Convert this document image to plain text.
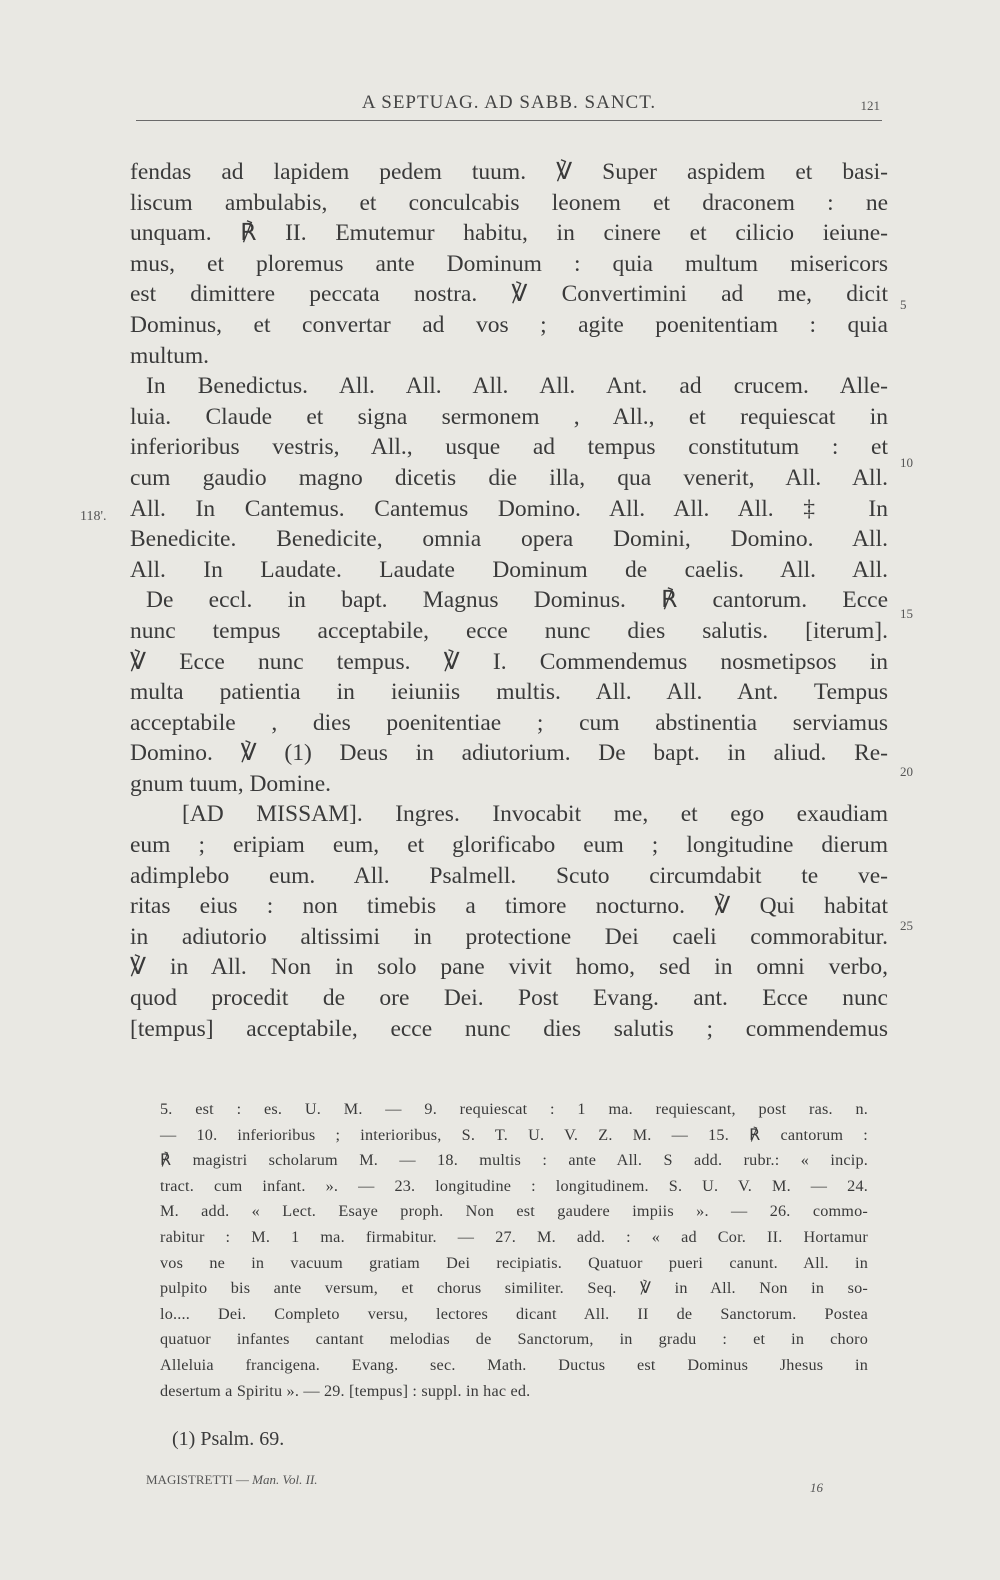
A SEPTUAG. AD SABB. SANCT.	121
118'.
5
10
15
20
25
fendas ad lapidem pedem tuum. ℣ Super aspidem et basi-
liscum ambulabis, et conculcabis leonem et draconem : ne
unquam. ℟ II. Emutemur habitu, in cinere et cilicio ieiune-
mus, et ploremus ante Dominum : quia multum misericors
est dimittere peccata nostra. ℣ Convertimini ad me, dicit
Dominus, et convertar ad vos ; agite poenitentiam : quia
multum.
In Benedictus. All. All. All. All. Ant. ad crucem. Alle-
luia. Claude et signa sermonem , All., et requiescat in
inferioribus vestris, All., usque ad tempus constitutum : et
cum gaudio magno dicetis die illa, qua venerit, All. All.
All. In Cantemus. Cantemus Domino. All. All. All. ‡ In
Benedicite. Benedicite, omnia opera Domini, Domino. All.
All. In Laudate. Laudate Dominum de caelis. All. All.
De eccl. in bapt. Magnus Dominus. ℟ cantorum. Ecce
nunc tempus acceptabile, ecce nunc dies salutis. [iterum].
℣ Ecce nunc tempus. ℣ I. Commendemus nosmetipsos in
multa patientia in ieiuniis multis. All. All. Ant. Tempus
acceptabile , dies poenitentiae ; cum abstinentia serviamus
Domino. ℣ (1) Deus in adiutorium. De bapt. in aliud. Re-
gnum tuum, Domine.
[AD MISSAM]. Ingres. Invocabit me, et ego exaudiam
eum ; eripiam eum, et glorificabo eum ; longitudine dierum
adimplebo eum. All. Psalmell. Scuto circumdabit te ve-
ritas eius : non timebis a timore nocturno. ℣ Qui habitat
in adiutorio altissimi in protectione Dei caeli commorabitur.
℣ in All. Non in solo pane vivit homo, sed in omni verbo,
quod procedit de ore Dei. Post Evang. ant. Ecce nunc
[tempus] acceptabile, ecce nunc dies salutis ; commendemus
5. est : es. U. M. — 9. requiescat : 1 ma. requiescant, post ras. n.
— 10. inferioribus ; interioribus, S. T. U. V. Z. M. — 15. ℟ cantorum :
℟ magistri scholarum M. — 18. multis : ante All. S add. rubr.: « incip.
tract. cum infant. ». — 23. longitudine : longitudinem. S. U. V. M. — 24.
M. add. « Lect. Esaye proph. Non est gaudere impiis ». — 26. commo-
rabitur : M. 1 ma. firmabitur. — 27. M. add. : « ad Cor. II. Hortamur
vos ne in vacuum gratiam Dei recipiatis. Quatuor pueri canunt. All. in
pulpito bis ante versum, et chorus similiter. Seq. ℣ in All. Non in so-
lo.... Dei. Completo versu, lectores dicant All. II de Sanctorum. Postea
quatuor infantes cantant melodias de Sanctorum, in gradu : et in choro
Alleluia francigena. Evang. sec. Math. Ductus est Dominus Jhesus in
desertum a Spiritu ». — 29. [tempus] : suppl. in hac ed.
(1) Psalm. 69.
MAGISTRETTI — Man. Vol. II.
16
